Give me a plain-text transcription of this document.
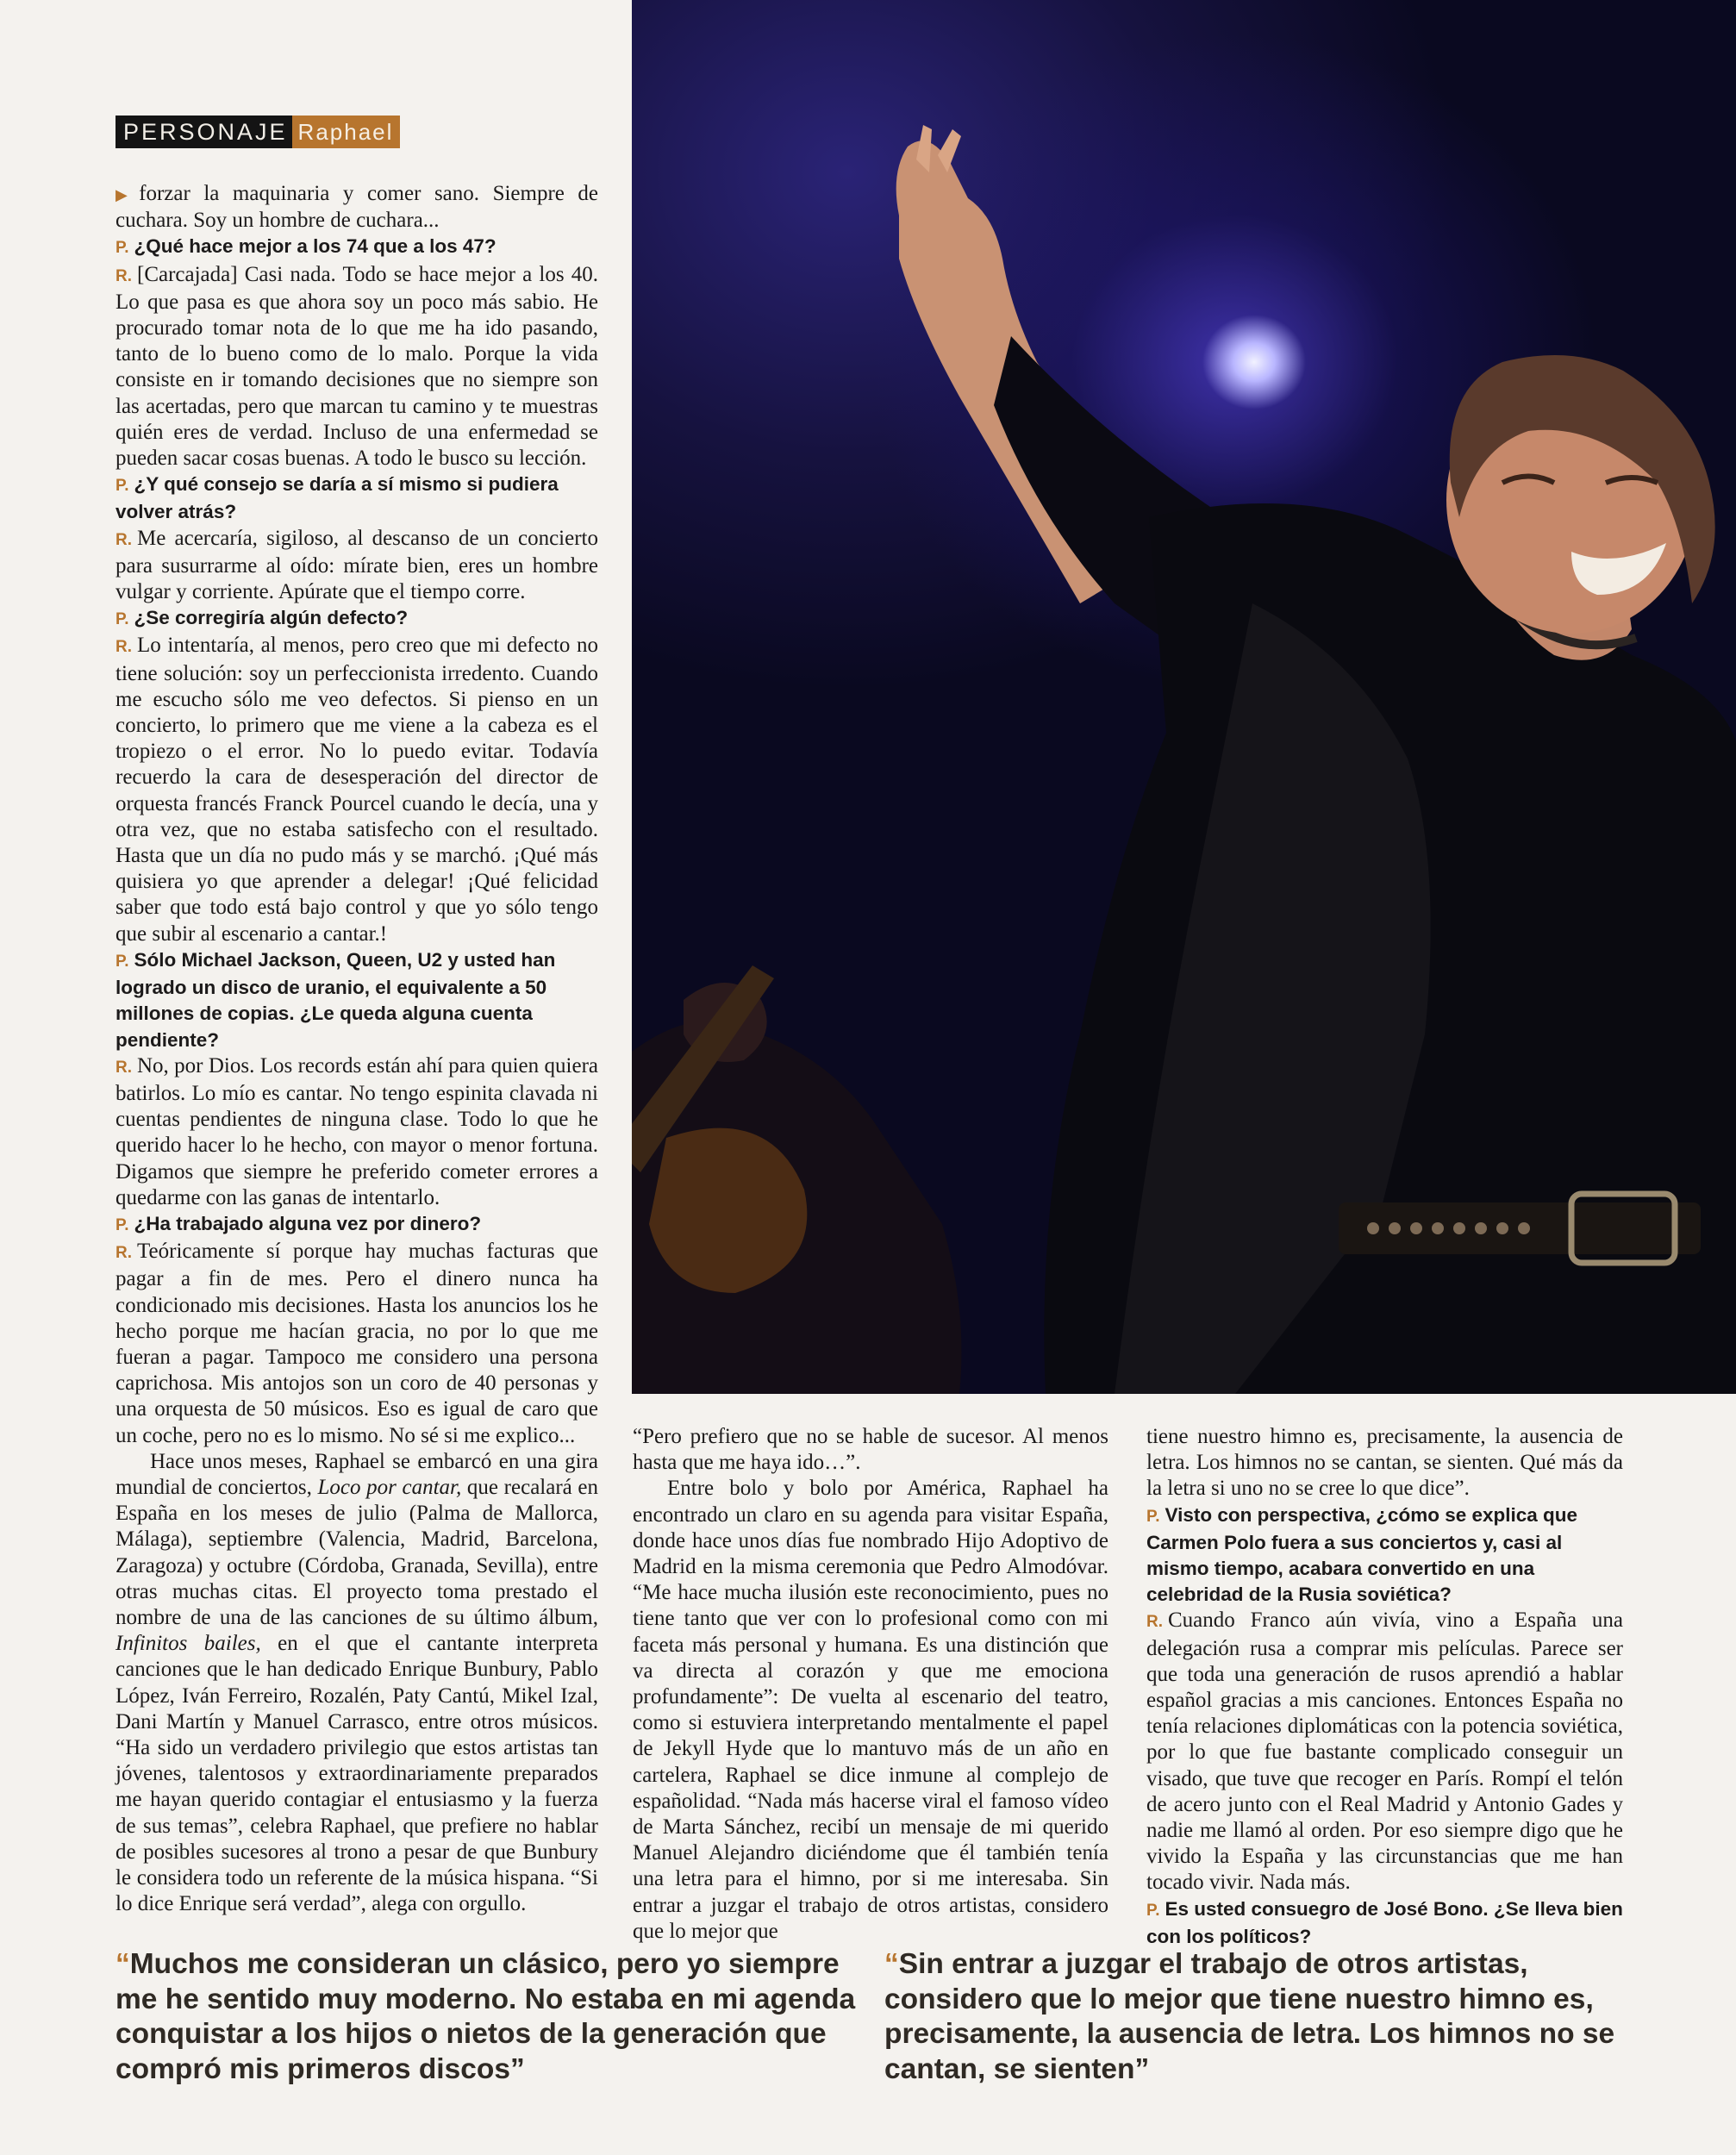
PERSONAJE Raphael

▶ forzar la maquinaria y comer sano. Siempre de cuchara. Soy un hombre de cuchara...

P. ¿Qué hace mejor a los 74 que a los 47?

R. [Carcajada] Casi nada. Todo se hace mejor a los 40. Lo que pasa es que ahora soy un poco más sabio. He procurado tomar nota de lo que me ha ido pasando, tanto de lo bueno como de lo malo. Porque la vida consiste en ir tomando decisiones que no siempre son las acertadas, pero que marcan tu camino y te muestras quién eres de verdad. Incluso de una enfermedad se pueden sacar cosas buenas. A todo le busco su lección.

P. ¿Y qué consejo se daría a sí mismo si pudiera volver atrás?

R. Me acercaría, sigiloso, al descanso de un concierto para susurrarme al oído: mírate bien, eres un hombre vulgar y corriente. Apúrate que el tiempo corre.

P. ¿Se corregiría algún defecto?

R. Lo intentaría, al menos, pero creo que mi defecto no tiene solución: soy un perfeccionista irredento. Cuando me escucho sólo me veo defectos. Si pienso en un concierto, lo primero que me viene a la cabeza es el tropiezo o el error. No lo puedo evitar. Todavía recuerdo la cara de desesperación del director de orquesta francés Franck Pourcel cuando le decía, una y otra vez, que no estaba satisfecho con el resultado. Hasta que un día no pudo más y se marchó. ¡Qué más quisiera yo que aprender a delegar! ¡Qué felicidad saber que todo está bajo control y que yo sólo tengo que subir al escenario a cantar.!

P. Sólo Michael Jackson, Queen, U2 y usted han logrado un disco de uranio, el equivalente a 50 millones de copias. ¿Le queda alguna cuenta pendiente?

R. No, por Dios. Los records están ahí para quien quiera batirlos. Lo mío es cantar. No tengo espinita clavada ni cuentas pendientes de ninguna clase. Todo lo que he querido hacer lo he hecho, con mayor o menor fortuna. Digamos que siempre he preferido cometer errores a quedarme con las ganas de intentarlo.

P. ¿Ha trabajado alguna vez por dinero?

R. Teóricamente sí porque hay muchas facturas que pagar a fin de mes. Pero el dinero nunca ha condicionado mis decisiones. Hasta los anuncios los he hecho porque me hacían gracia, no por lo que me fueran a pagar. Tampoco me considero una persona caprichosa. Mis antojos son un coro de 40 personas y una orquesta de 50 músicos. Eso es igual de caro que un coche, pero no es lo mismo. No sé si me explico...

Hace unos meses, Raphael se embarcó en una gira mundial de conciertos, Loco por cantar, que recalará en España en los meses de julio (Palma de Mallorca, Málaga), septiembre (Valencia, Madrid, Barcelona, Zaragoza) y octubre (Córdoba, Granada, Sevilla), entre otras muchas citas. El proyecto toma prestado el nombre de una de las canciones de su último álbum, Infinitos bailes, en el que el cantante interpreta canciones que le han dedicado Enrique Bunbury, Pablo López, Iván Ferreiro, Rozalén, Paty Cantú, Mikel Izal, Dani Martín y Manuel Carrasco, entre otros músicos. “Ha sido un verdadero privilegio que estos artistas tan jóvenes, talentosos y extraordinariamente preparados me hayan querido contagiar el entusiasmo y la fuerza de sus temas”, celebra Raphael, que prefiere no hablar de posibles sucesores al trono a pesar de que Bunbury le considera todo un referente de la música hispana. “Si lo dice Enrique será verdad”, alega con orgullo.

“Pero prefiero que no se hable de sucesor. Al menos hasta que me haya ido…”.

Entre bolo y bolo por América, Raphael ha encontrado un claro en su agenda para visitar España, donde hace unos días fue nombrado Hijo Adoptivo de Madrid en la misma ceremonia que Pedro Almodóvar. “Me hace mucha ilusión este reconocimiento, pues no tiene tanto que ver con lo profesional como con mi faceta más personal y humana. Es una distinción que va directa al corazón y que me emociona profundamente”: De vuelta al escenario del teatro, como si estuviera interpretando mentalmente el papel de Jekyll Hyde que lo mantuvo más de un año en cartelera, Raphael se dice inmune al complejo de españolidad. “Nada más hacerse viral el famoso vídeo de Marta Sánchez, recibí un mensaje de mi querido Manuel Alejandro diciéndome que él también tenía una letra para el himno, por si me interesaba. Sin entrar a juzgar el trabajo de otros artistas, considero que lo mejor que

tiene nuestro himno es, precisamente, la ausencia de letra. Los himnos no se cantan, se sienten. Qué más da la letra si uno no se cree lo que dice”.

P. Visto con perspectiva, ¿cómo se explica que Carmen Polo fuera a sus conciertos y, casi al mismo tiempo, acabara convertido en una celebridad de la Rusia soviética?

R. Cuando Franco aún vivía, vino a España una delegación rusa a comprar mis películas. Parece ser que toda una generación de rusos aprendió a hablar español gracias a mis canciones. Entonces España no tenía relaciones diplomáticas con la potencia soviética, por lo que fue bastante complicado conseguir un visado, que tuve que recoger en París. Rompí el telón de acero junto con el Real Madrid y Antonio Gades y nadie me llamó al orden. Por eso siempre digo que he vivido la España y las circunstancias que me han tocado vivir. Nada más.

P. Es usted consuegro de José Bono. ¿Se lleva bien con los políticos?

“Muchos me consideran un clásico, pero yo siempre me he sentido muy moderno. No estaba en mi agenda conquistar a los hijos o nietos de la generación que compró mis primeros discos”
“Sin entrar a juzgar el trabajo de otros artistas, considero que lo mejor que tiene nuestro himno es, precisamente, la ausencia de letra. Los himnos no se cantan, se sienten”
